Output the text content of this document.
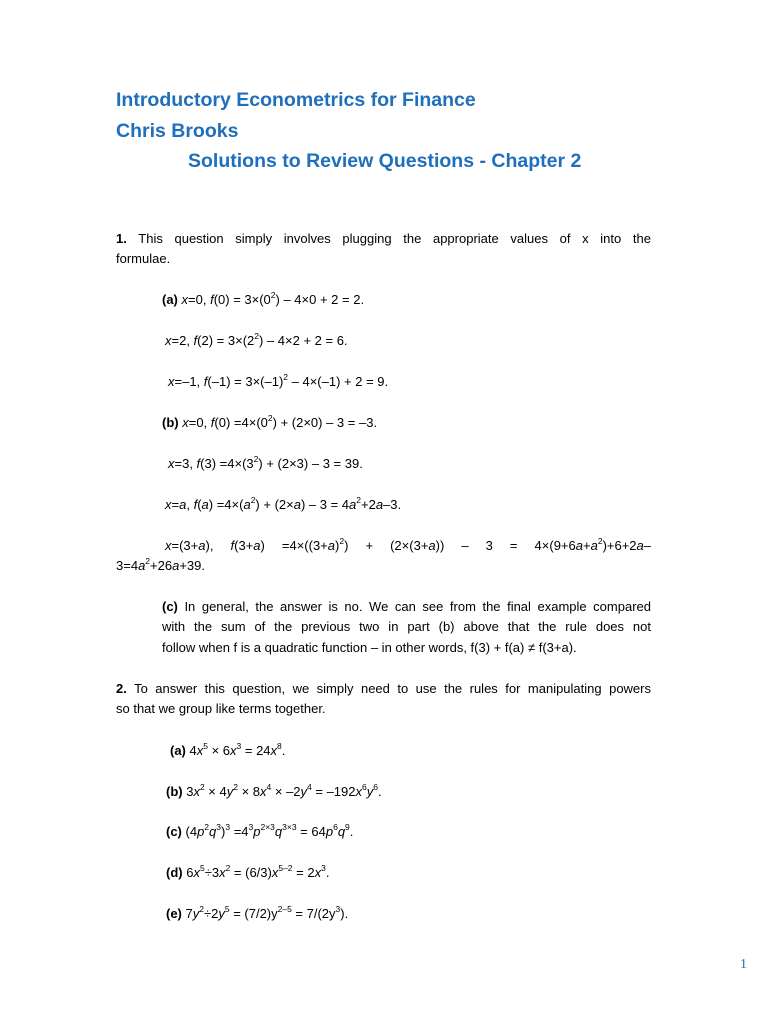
Introductory Econometrics for Finance
Chris Brooks
Solutions to Review Questions - Chapter 2
1. This question simply involves plugging the appropriate values of x into the
formulae.
(a) x=0, $f(0) = 3\times(0^2) - 4\times 0 + 2 = 2$.
x=2, $f(2) = 3\times(2^2) - 4\times 2 + 2 = 6$.
x=–1, $f(-1) = 3\times(-1)^2 - 4\times(-1) + 2 = 9$.
(b) x=0, $f(0) =4\times(0^2) + (2\times 0) - 3 = -3$.
x=3, $f(3) =4\times(3^2) + (2\times 3) - 3 = 39$.
x=a, $f(a) =4\times(a^2) + (2\times a) - 3 = 4a^2+2a-3$.
x=(3+a), $f(3+a) =4\times((3+a)^2) + (2\times(3+a)) - 3 = 4\times(9+6a+a^2)+6+2a-$
$3=4a^2+26a+39$.
(c) In general, the answer is no. We can see from the final example compared
with the sum of the previous two in part (b) above that the rule does not
follow when f is a quadratic function – in other words, f(3) + f(a) ≠ f(3+a).
2. To answer this question, we simply need to use the rules for manipulating powers
so that we group like terms together.
(a) $4x^5 \times 6x^3 = 24x^8$.
(b) $3x^2 \times 4y^2 \times 8x^4 \times -2y^4 = -192x^6y^6$.
(c) $(4p^2q^3)^3 =4^3p^{2\times 3}q^{3\times 3} = 64p^6q^9$.
(d) $6x^5\div 3x^2 = (6/3)x^{5-2} = 2x^3$.
(e) $7y^2\div 2y^5 = (7/2)y^{2-5} = 7/(2y^3)$.
1
